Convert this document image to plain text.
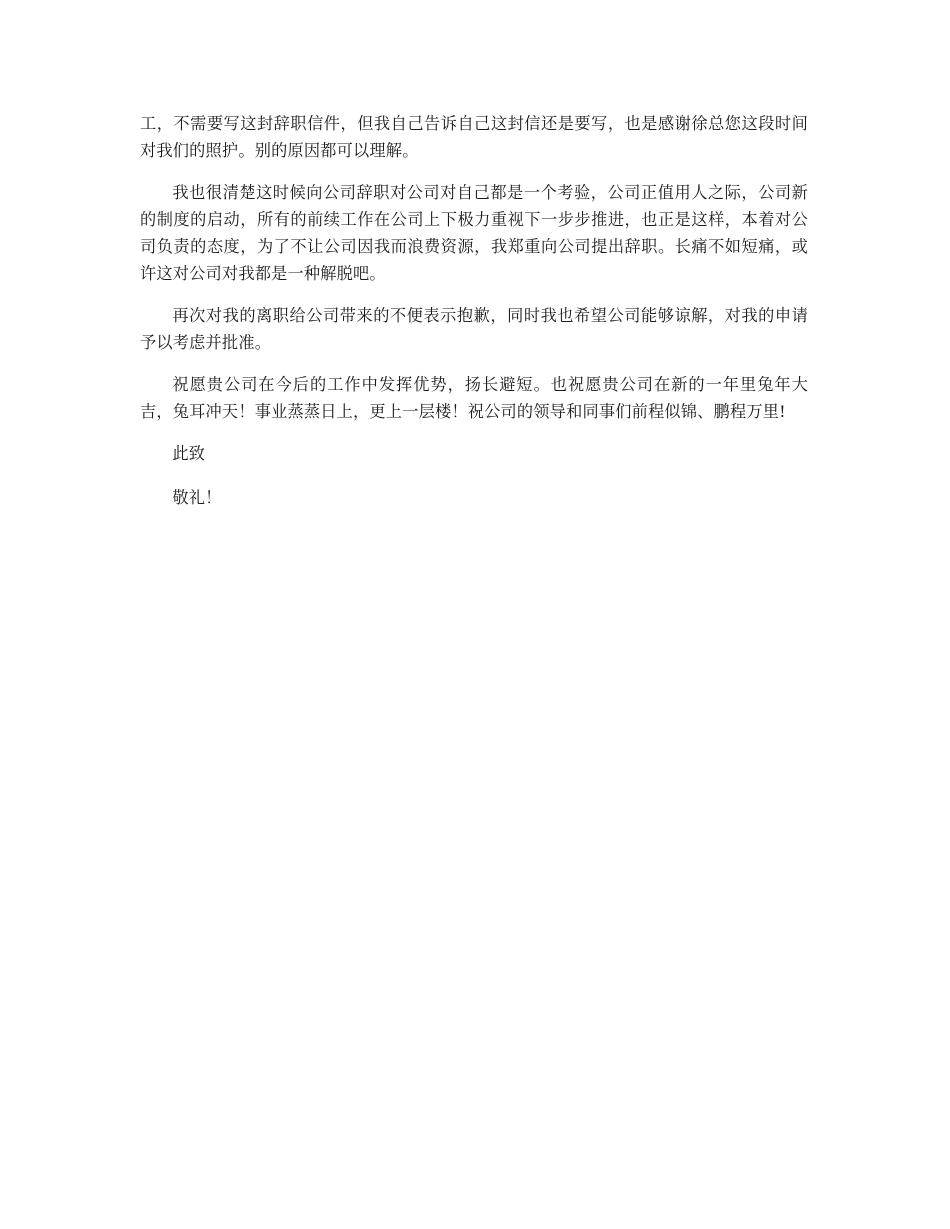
工，不需要写这封辞职信件，但我自己告诉自己这封信还是要写，也是感谢徐总您这段时间对我们的照护。别的原因都可以理解。

我也很清楚这时候向公司辞职对公司对自己都是一个考验，公司正值用人之际，公司新的制度的启动，所有的前续工作在公司上下极力重视下一步步推进，也正是这样，本着对公司负责的态度，为了不让公司因我而浪费资源，我郑重向公司提出辞职。长痛不如短痛，或许这对公司对我都是一种解脱吧。

再次对我的离职给公司带来的不便表示抱歉，同时我也希望公司能够谅解，对我的申请予以考虑并批准。

祝愿贵公司在今后的工作中发挥优势，扬长避短。也祝愿贵公司在新的一年里兔年大吉，兔耳冲天！事业蒸蒸日上，更上一层楼！祝公司的领导和同事们前程似锦、鹏程万里!

此致

敬礼！
